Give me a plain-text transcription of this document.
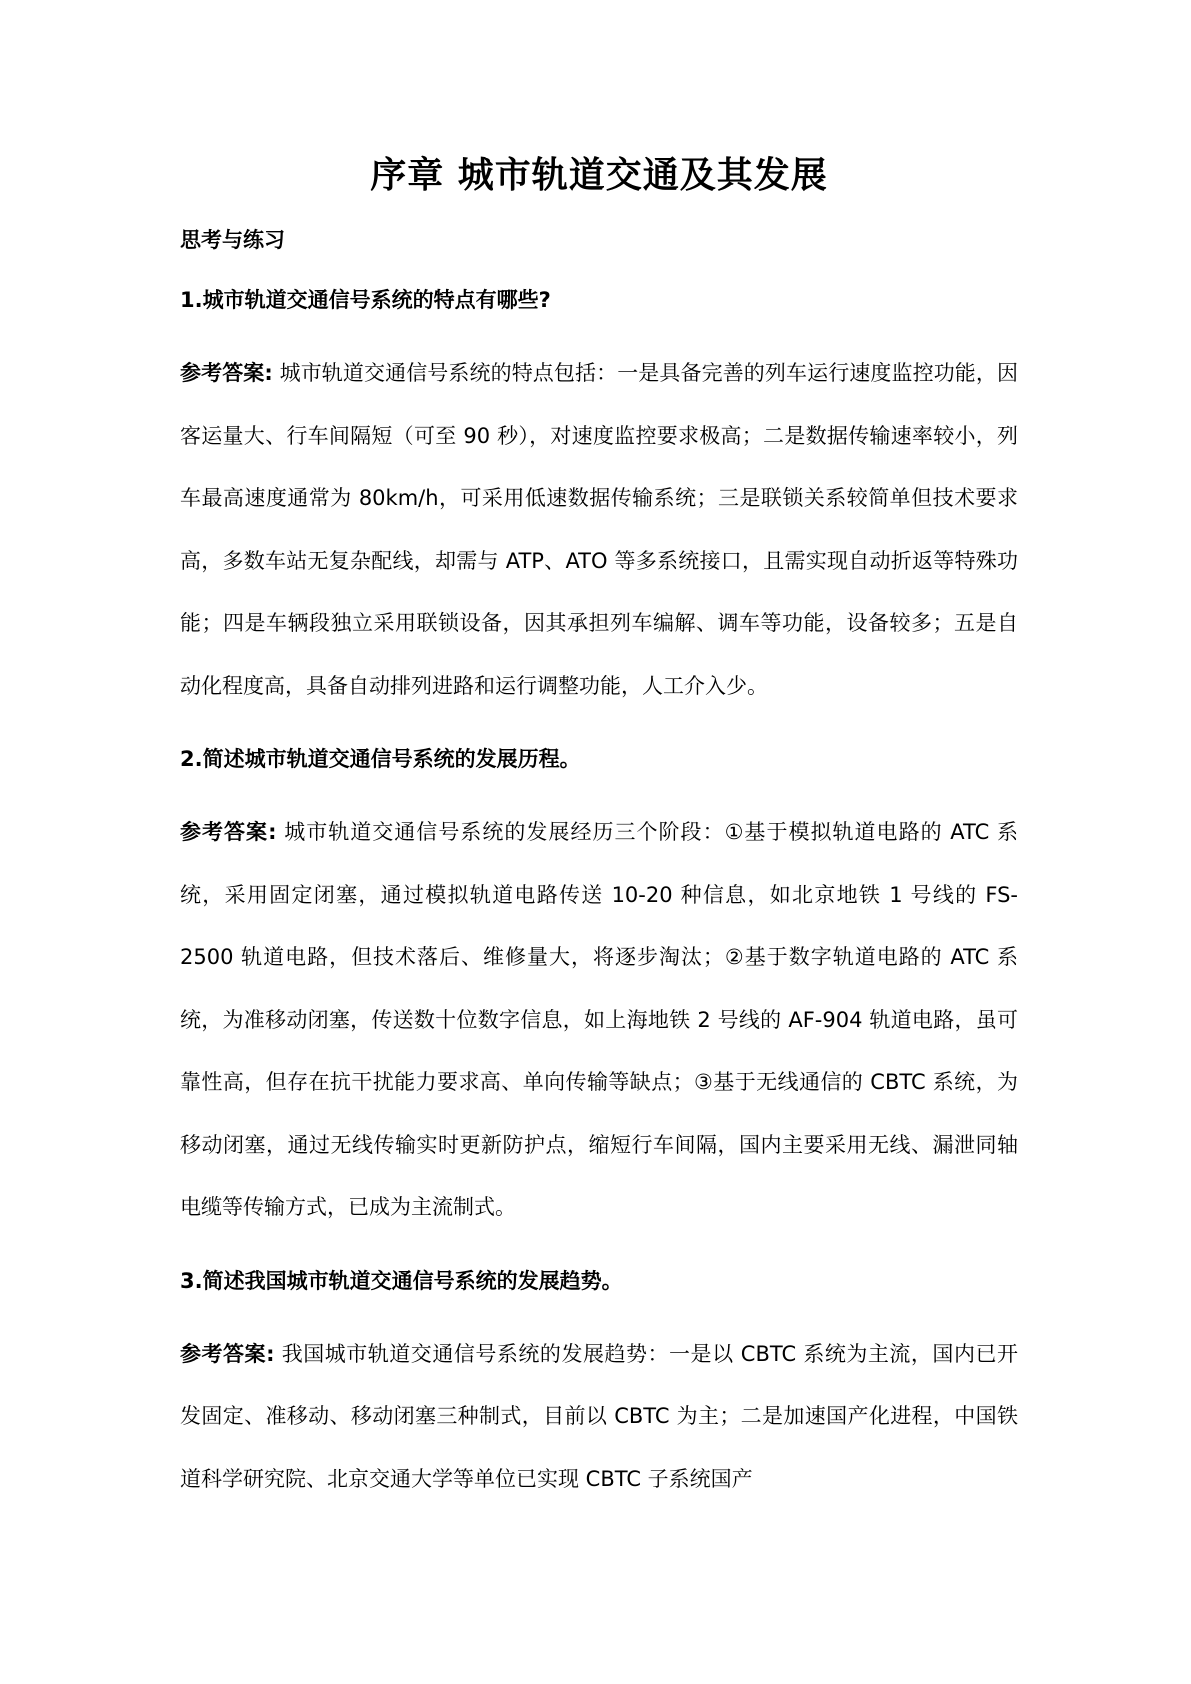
序章 城市轨道交通及其发展

思考与练习

1.城市轨道交通信号系统的特点有哪些?

参考答案: 城市轨道交通信号系统的特点包括：一是具备完善的列车运行速度监控功能，因客运量大、行车间隔短（可至 90 秒），对速度监控要求极高；二是数据传输速率较小，列车最高速度通常为 80km/h，可采用低速数据传输系统；三是联锁关系较简单但技术要求高，多数车站无复杂配线，却需与 ATP、ATO 等多系统接口，且需实现自动折返等特殊功能；四是车辆段独立采用联锁设备，因其承担列车编解、调车等功能，设备较多；五是自动化程度高，具备自动排列进路和运行调整功能，人工介入少。

2.简述城市轨道交通信号系统的发展历程。

参考答案: 城市轨道交通信号系统的发展经历三个阶段：①基于模拟轨道电路的 ATC 系统，采用固定闭塞，通过模拟轨道电路传送 10-20 种信息，如北京地铁 1 号线的 FS-2500 轨道电路，但技术落后、维修量大，将逐步淘汰；②基于数字轨道电路的 ATC 系统，为准移动闭塞，传送数十位数字信息，如上海地铁 2 号线的 AF-904 轨道电路，虽可靠性高，但存在抗干扰能力要求高、单向传输等缺点；③基于无线通信的 CBTC 系统，为移动闭塞，通过无线传输实时更新防护点，缩短行车间隔，国内主要采用无线、漏泄同轴电缆等传输方式，已成为主流制式。

3.简述我国城市轨道交通信号系统的发展趋势。

参考答案: 我国城市轨道交通信号系统的发展趋势：一是以 CBTC 系统为主流，国内已开发固定、准移动、移动闭塞三种制式，目前以 CBTC 为主；二是加速国产化进程，中国铁道科学研究院、北京交通大学等单位已实现 CBTC 子系统国产
